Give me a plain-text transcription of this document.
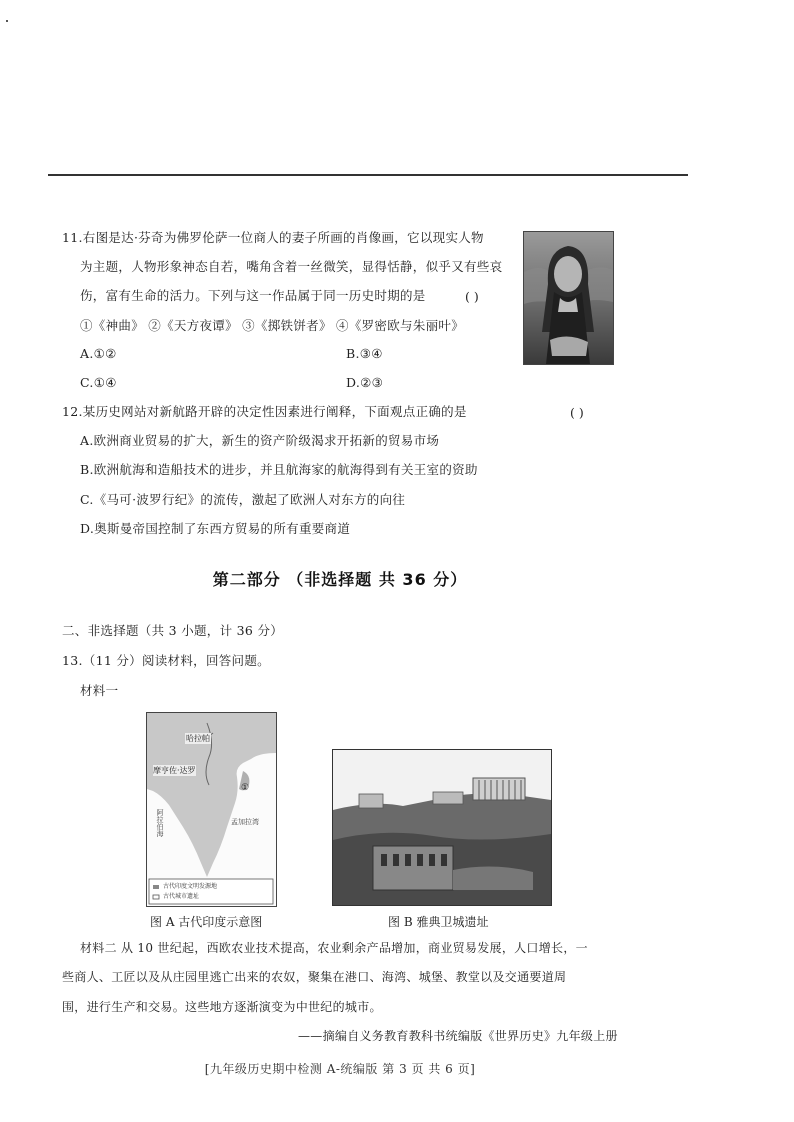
11.右图是达·芬奇为佛罗伦萨一位商人的妻子所画的肖像画，它以现实人物
为主题，人物形象神态自若，嘴角含着一丝微笑，显得恬静，似乎又有些哀
伤，富有生命的活力。下列与这一作品属于同一历史时期的是	( )
①《神曲》 ②《天方夜谭》 ③《掷铁饼者》 ④《罗密欧与朱丽叶》
A.①②	B.③④
C.①④	D.②③
12.某历史网站对新航路开辟的决定性因素进行阐释，下面观点正确的是	( )
A.欧洲商业贸易的扩大，新生的资产阶级渴求开拓新的贸易市场
B.欧洲航海和造船技术的进步，并且航海家的航海得到有关王室的资助
C.《马可·波罗行纪》的流传，激起了欧洲人对东方的向往
D.奥斯曼帝国控制了东西方贸易的所有重要商道
第二部分 （非选择题 共 36 分）
二、非选择题（共 3 小题，计 36 分）
13.（11 分）阅读材料，回答问题。
材料一
哈拉帕
摩亨佐·达罗
①
孟加拉湾
阿拉伯海
古代印度文明发源地
古代城市遗址
图 A 古代印度示意图	图 B 雅典卫城遗址
材料二 从 10 世纪起，西欧农业技术提高，农业剩余产品增加，商业贸易发展，人口增长，一
些商人、工匠以及从庄园里逃亡出来的农奴，聚集在港口、海湾、城堡、教堂以及交通要道周
围，进行生产和交易。这些地方逐渐演变为中世纪的城市。
——摘编自义务教育教科书统编版《世界历史》九年级上册
[九年级历史期中检测 A-统编版 第 3 页 共 6 页]
